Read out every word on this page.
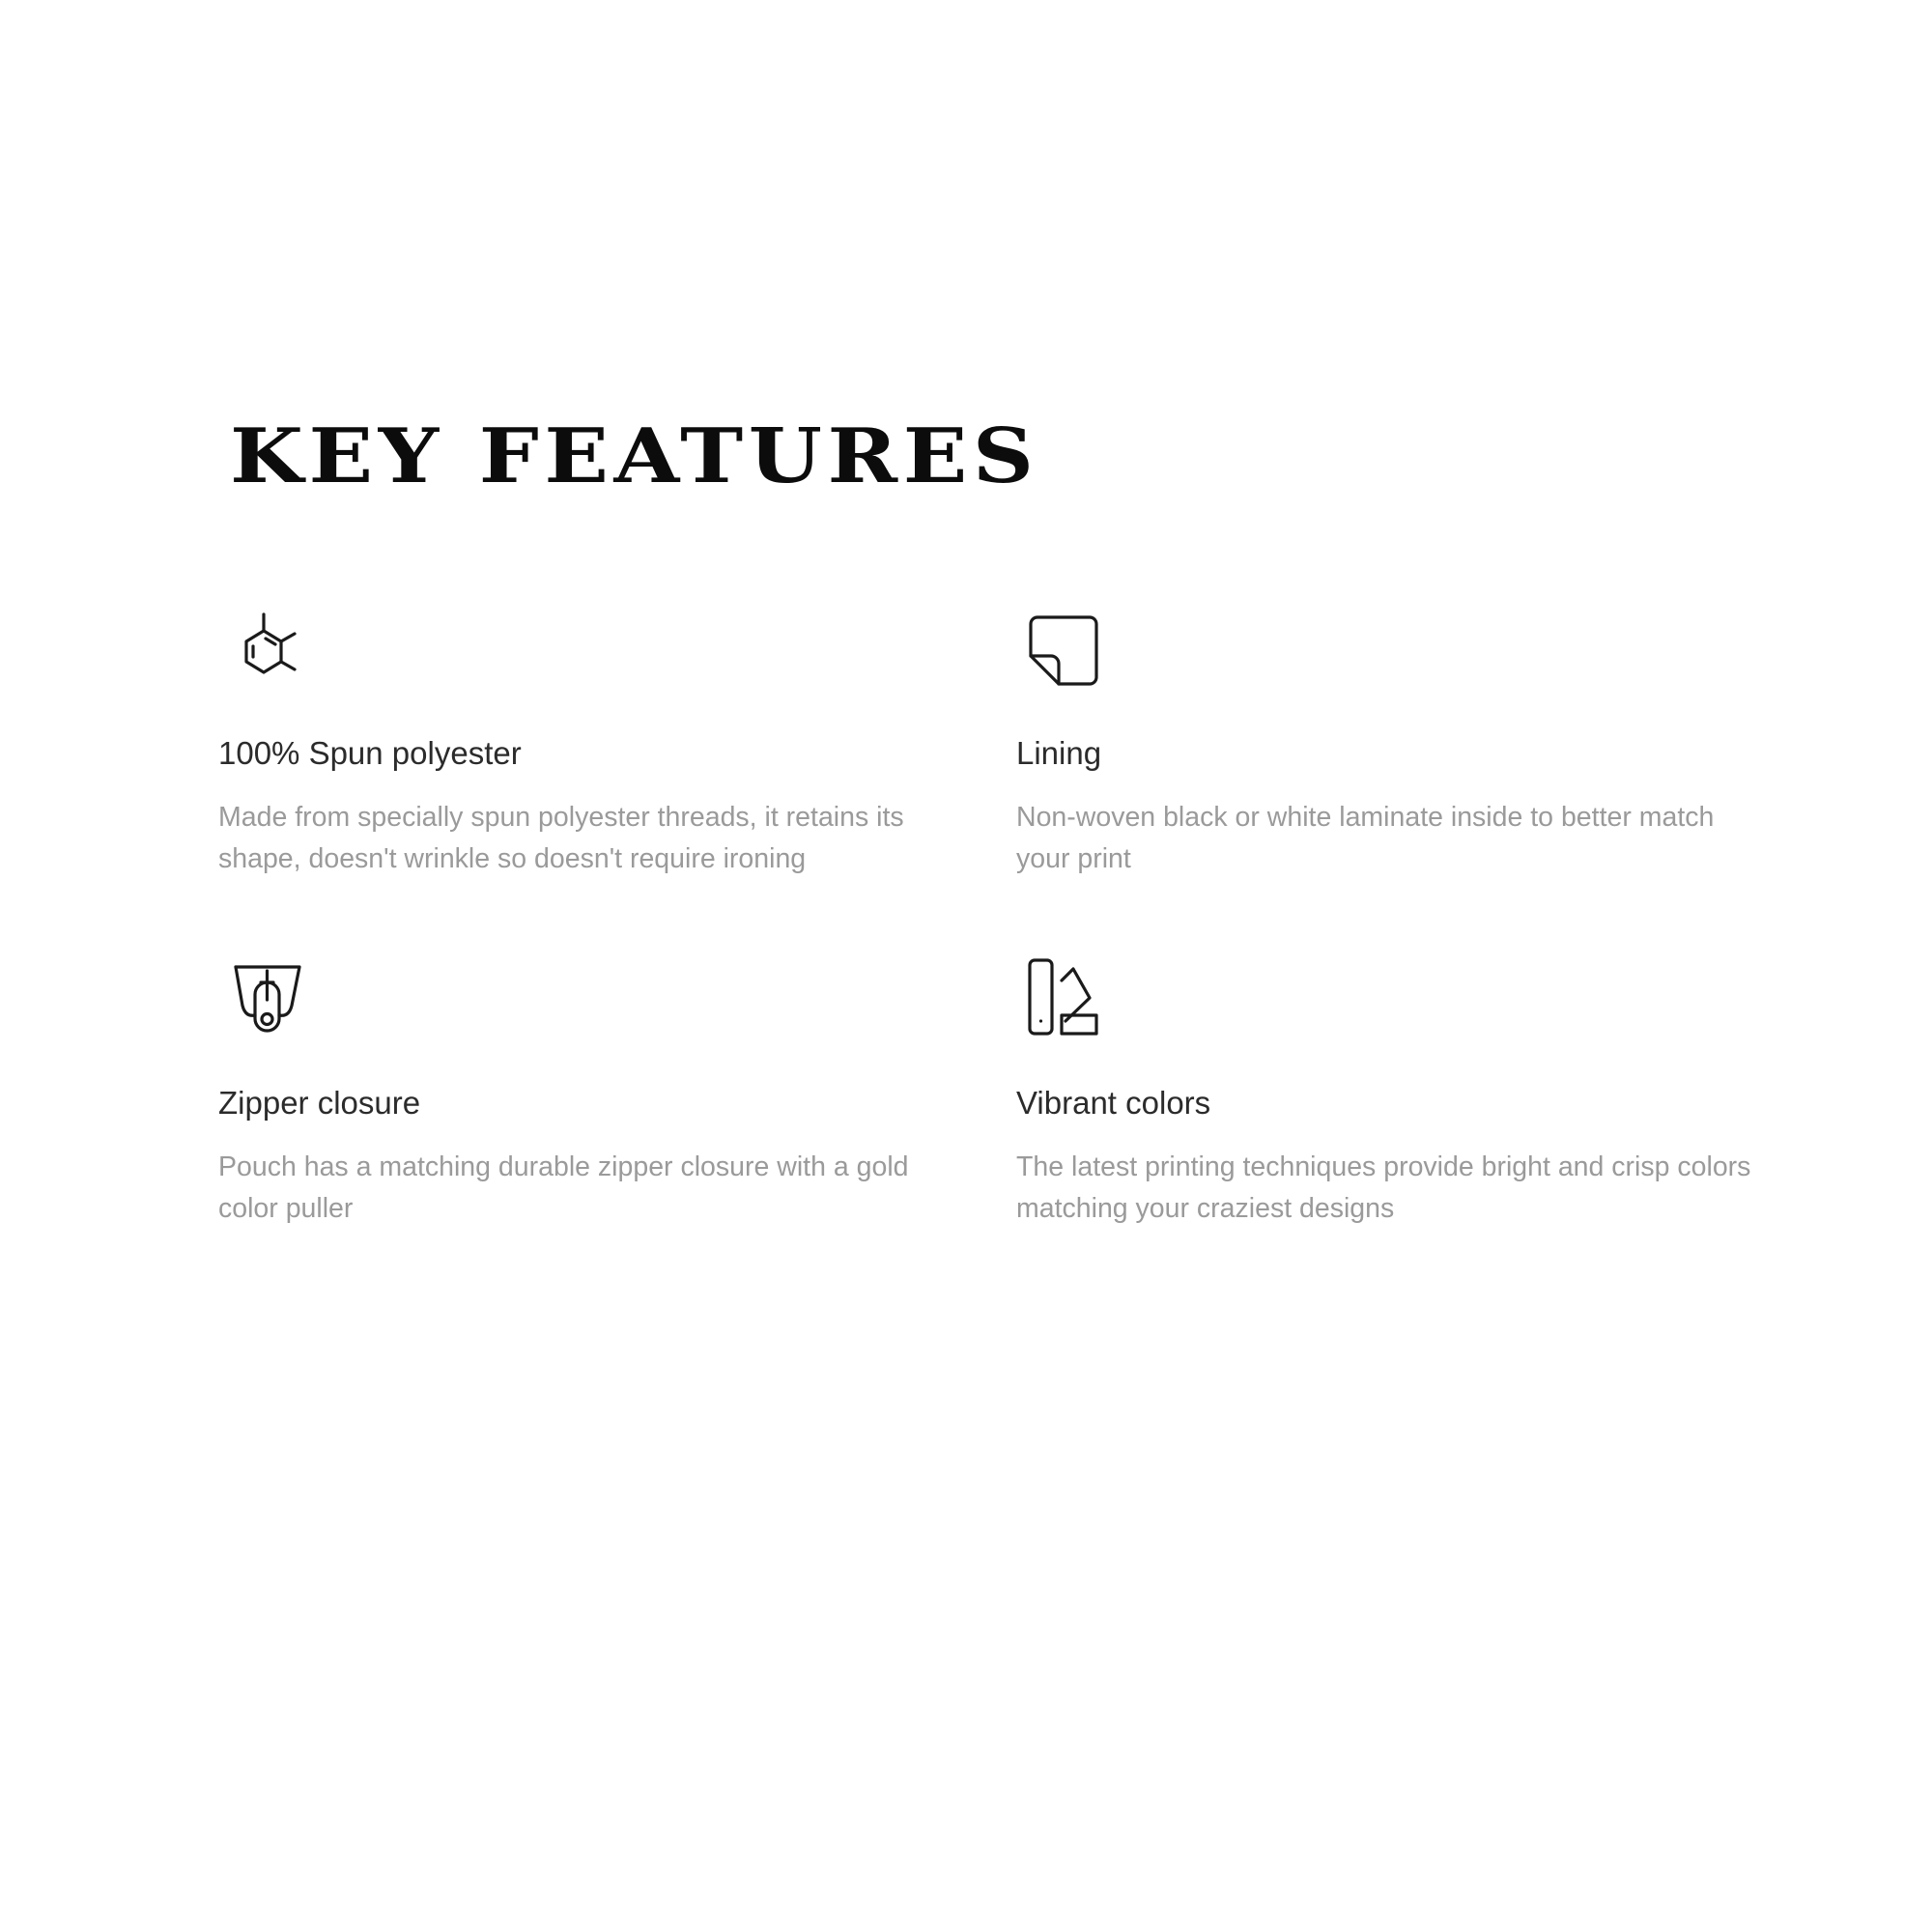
KEY FEATURES
100% Spun polyester

Made from specially spun polyester threads, it retains its shape, doesn't wrinkle so doesn't require ironing

Lining

Non-woven black or white laminate inside to better match your print

Zipper closure

Pouch has a matching durable zipper closure with a gold color puller

Vibrant colors

The latest printing techniques provide bright and crisp colors matching your craziest designs
